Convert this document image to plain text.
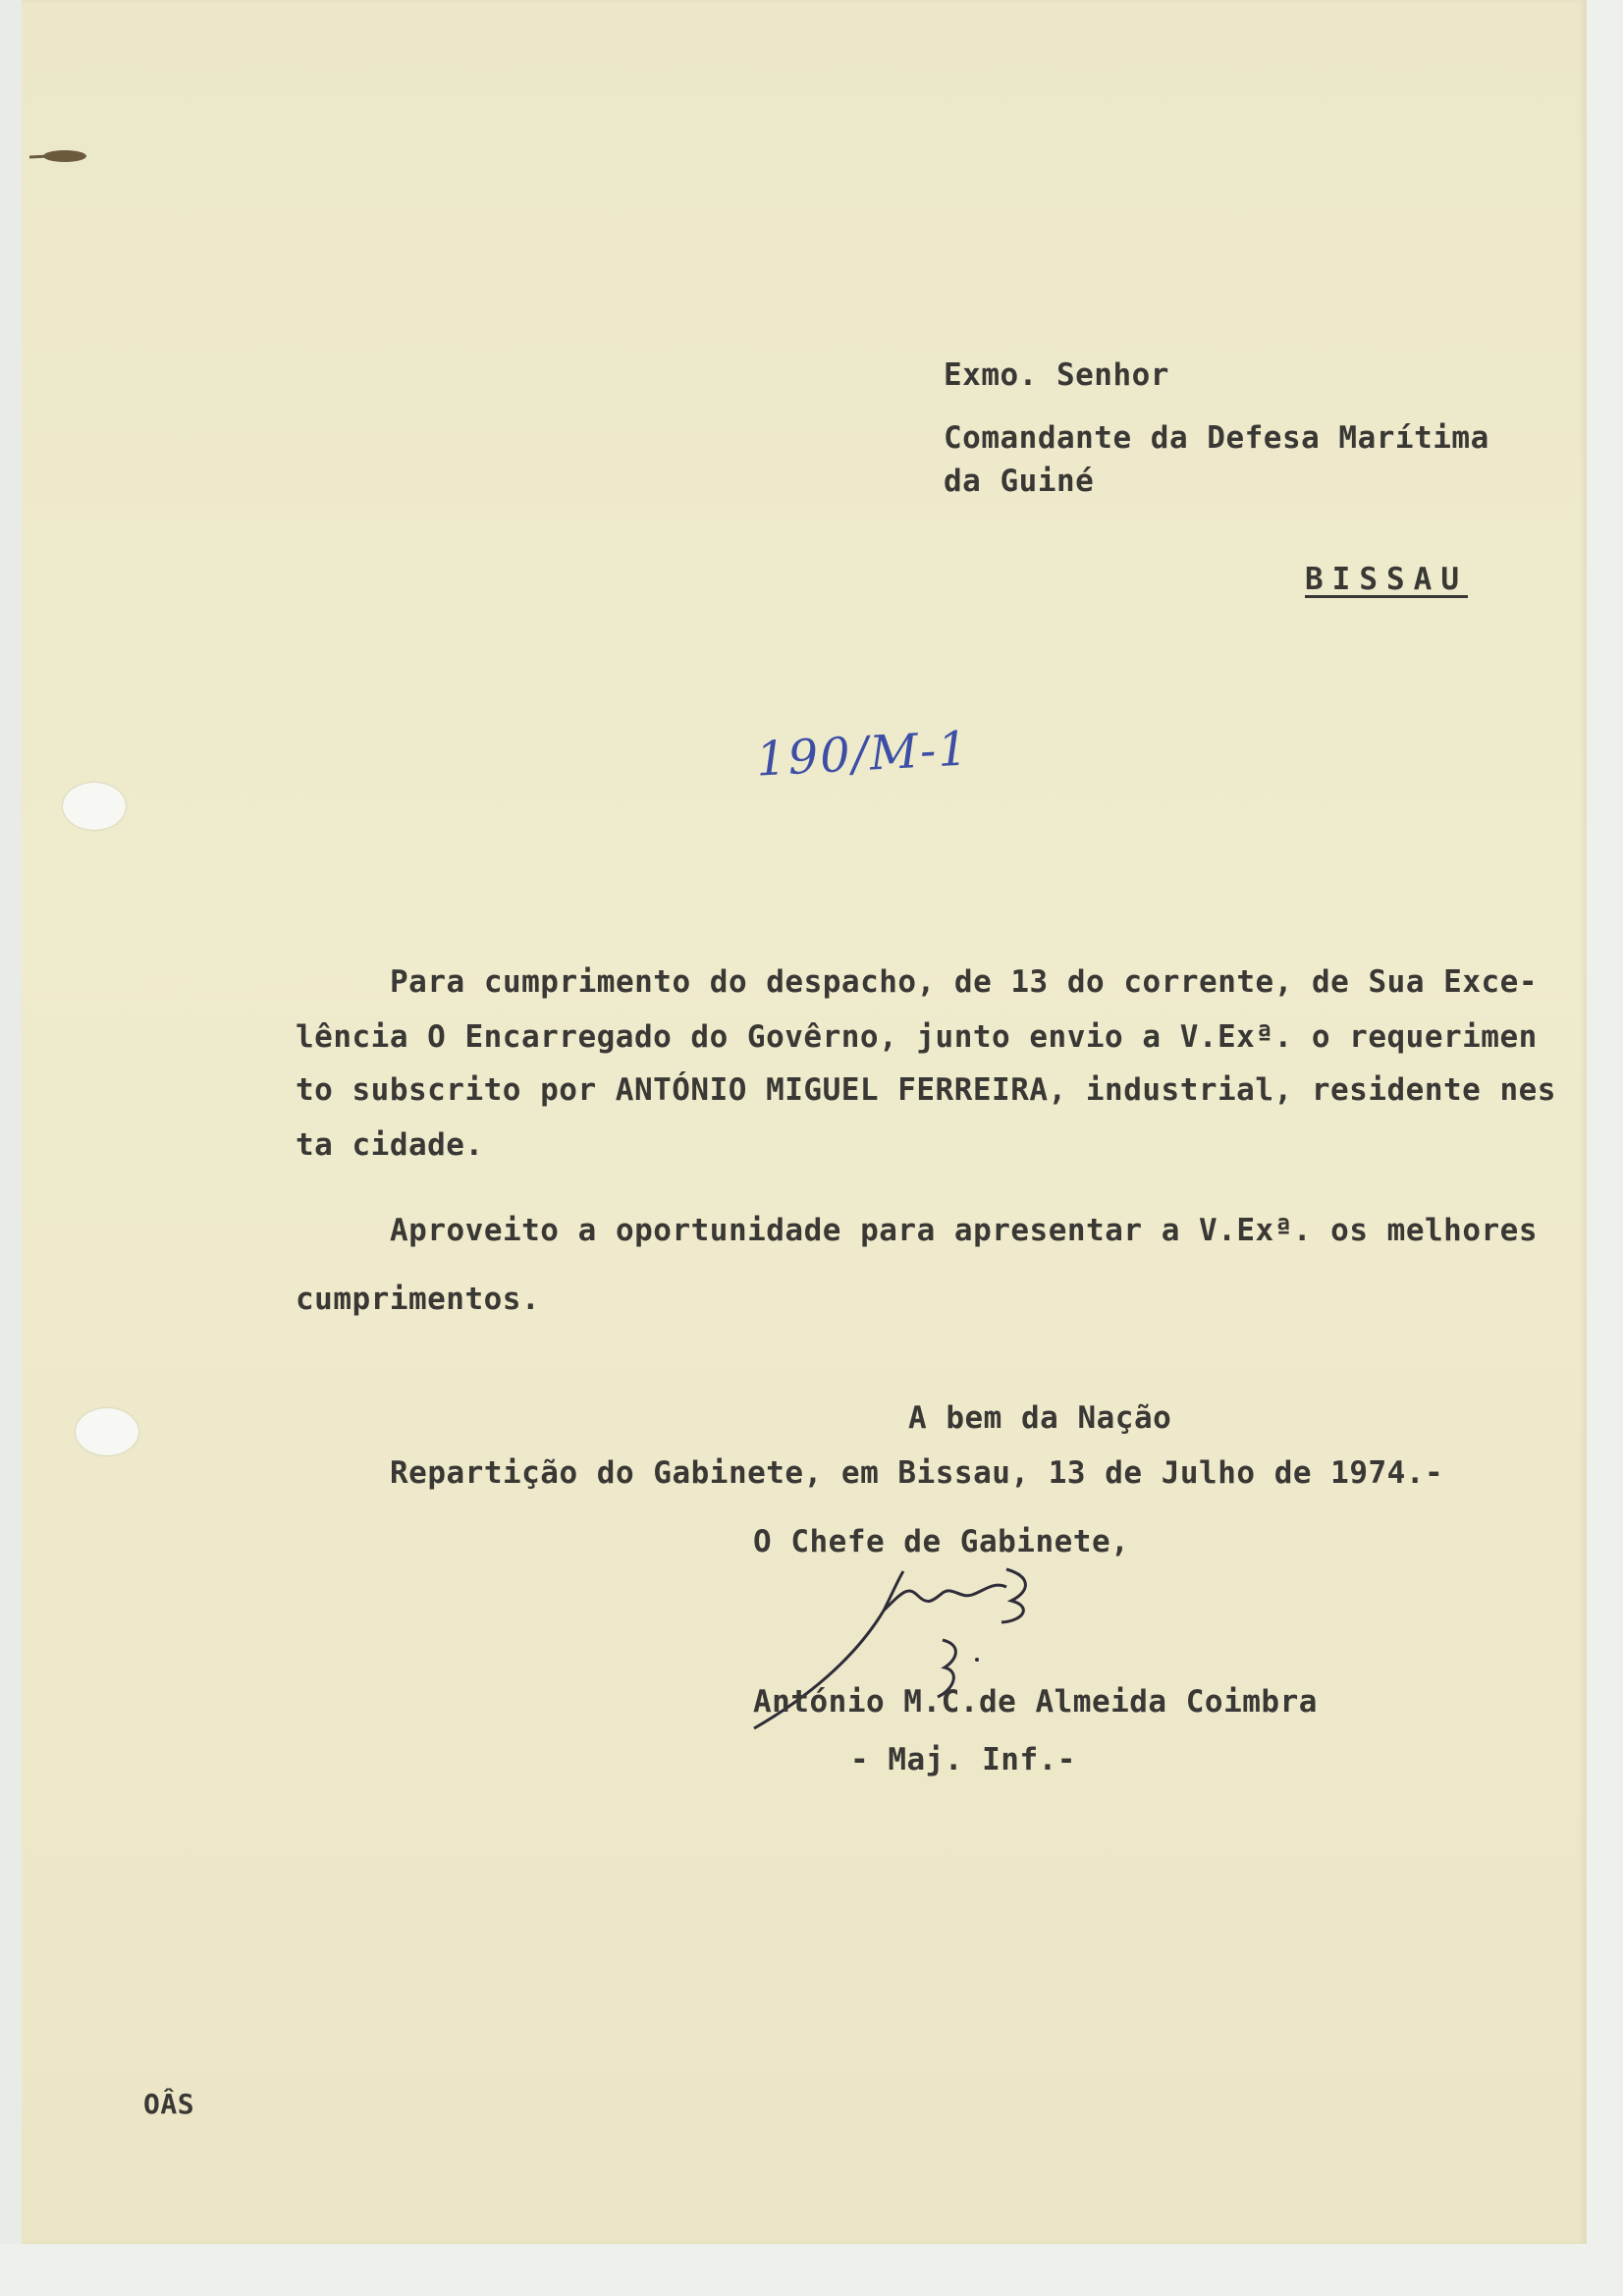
Exmo. Senhor
Comandante da Defesa Marítima
da Guiné
BISSAU
190/M-1
Para cumprimento do despacho, de 13 do corrente, de Sua Exce-
lência O Encarregado do Govêrno, junto envio a V.Exª. o requerimen
to subscrito por ANTÓNIO MIGUEL FERREIRA, industrial, residente nes
ta cidade.
Aproveito a oportunidade para apresentar a V.Exª. os melhores
cumprimentos.
A bem da Nação
Repartição do Gabinete, em Bissau, 13 de Julho de 1974.-
O Chefe de Gabinete,
António M.C.de Almeida Coimbra
- Maj. Inf.-
OÂS
